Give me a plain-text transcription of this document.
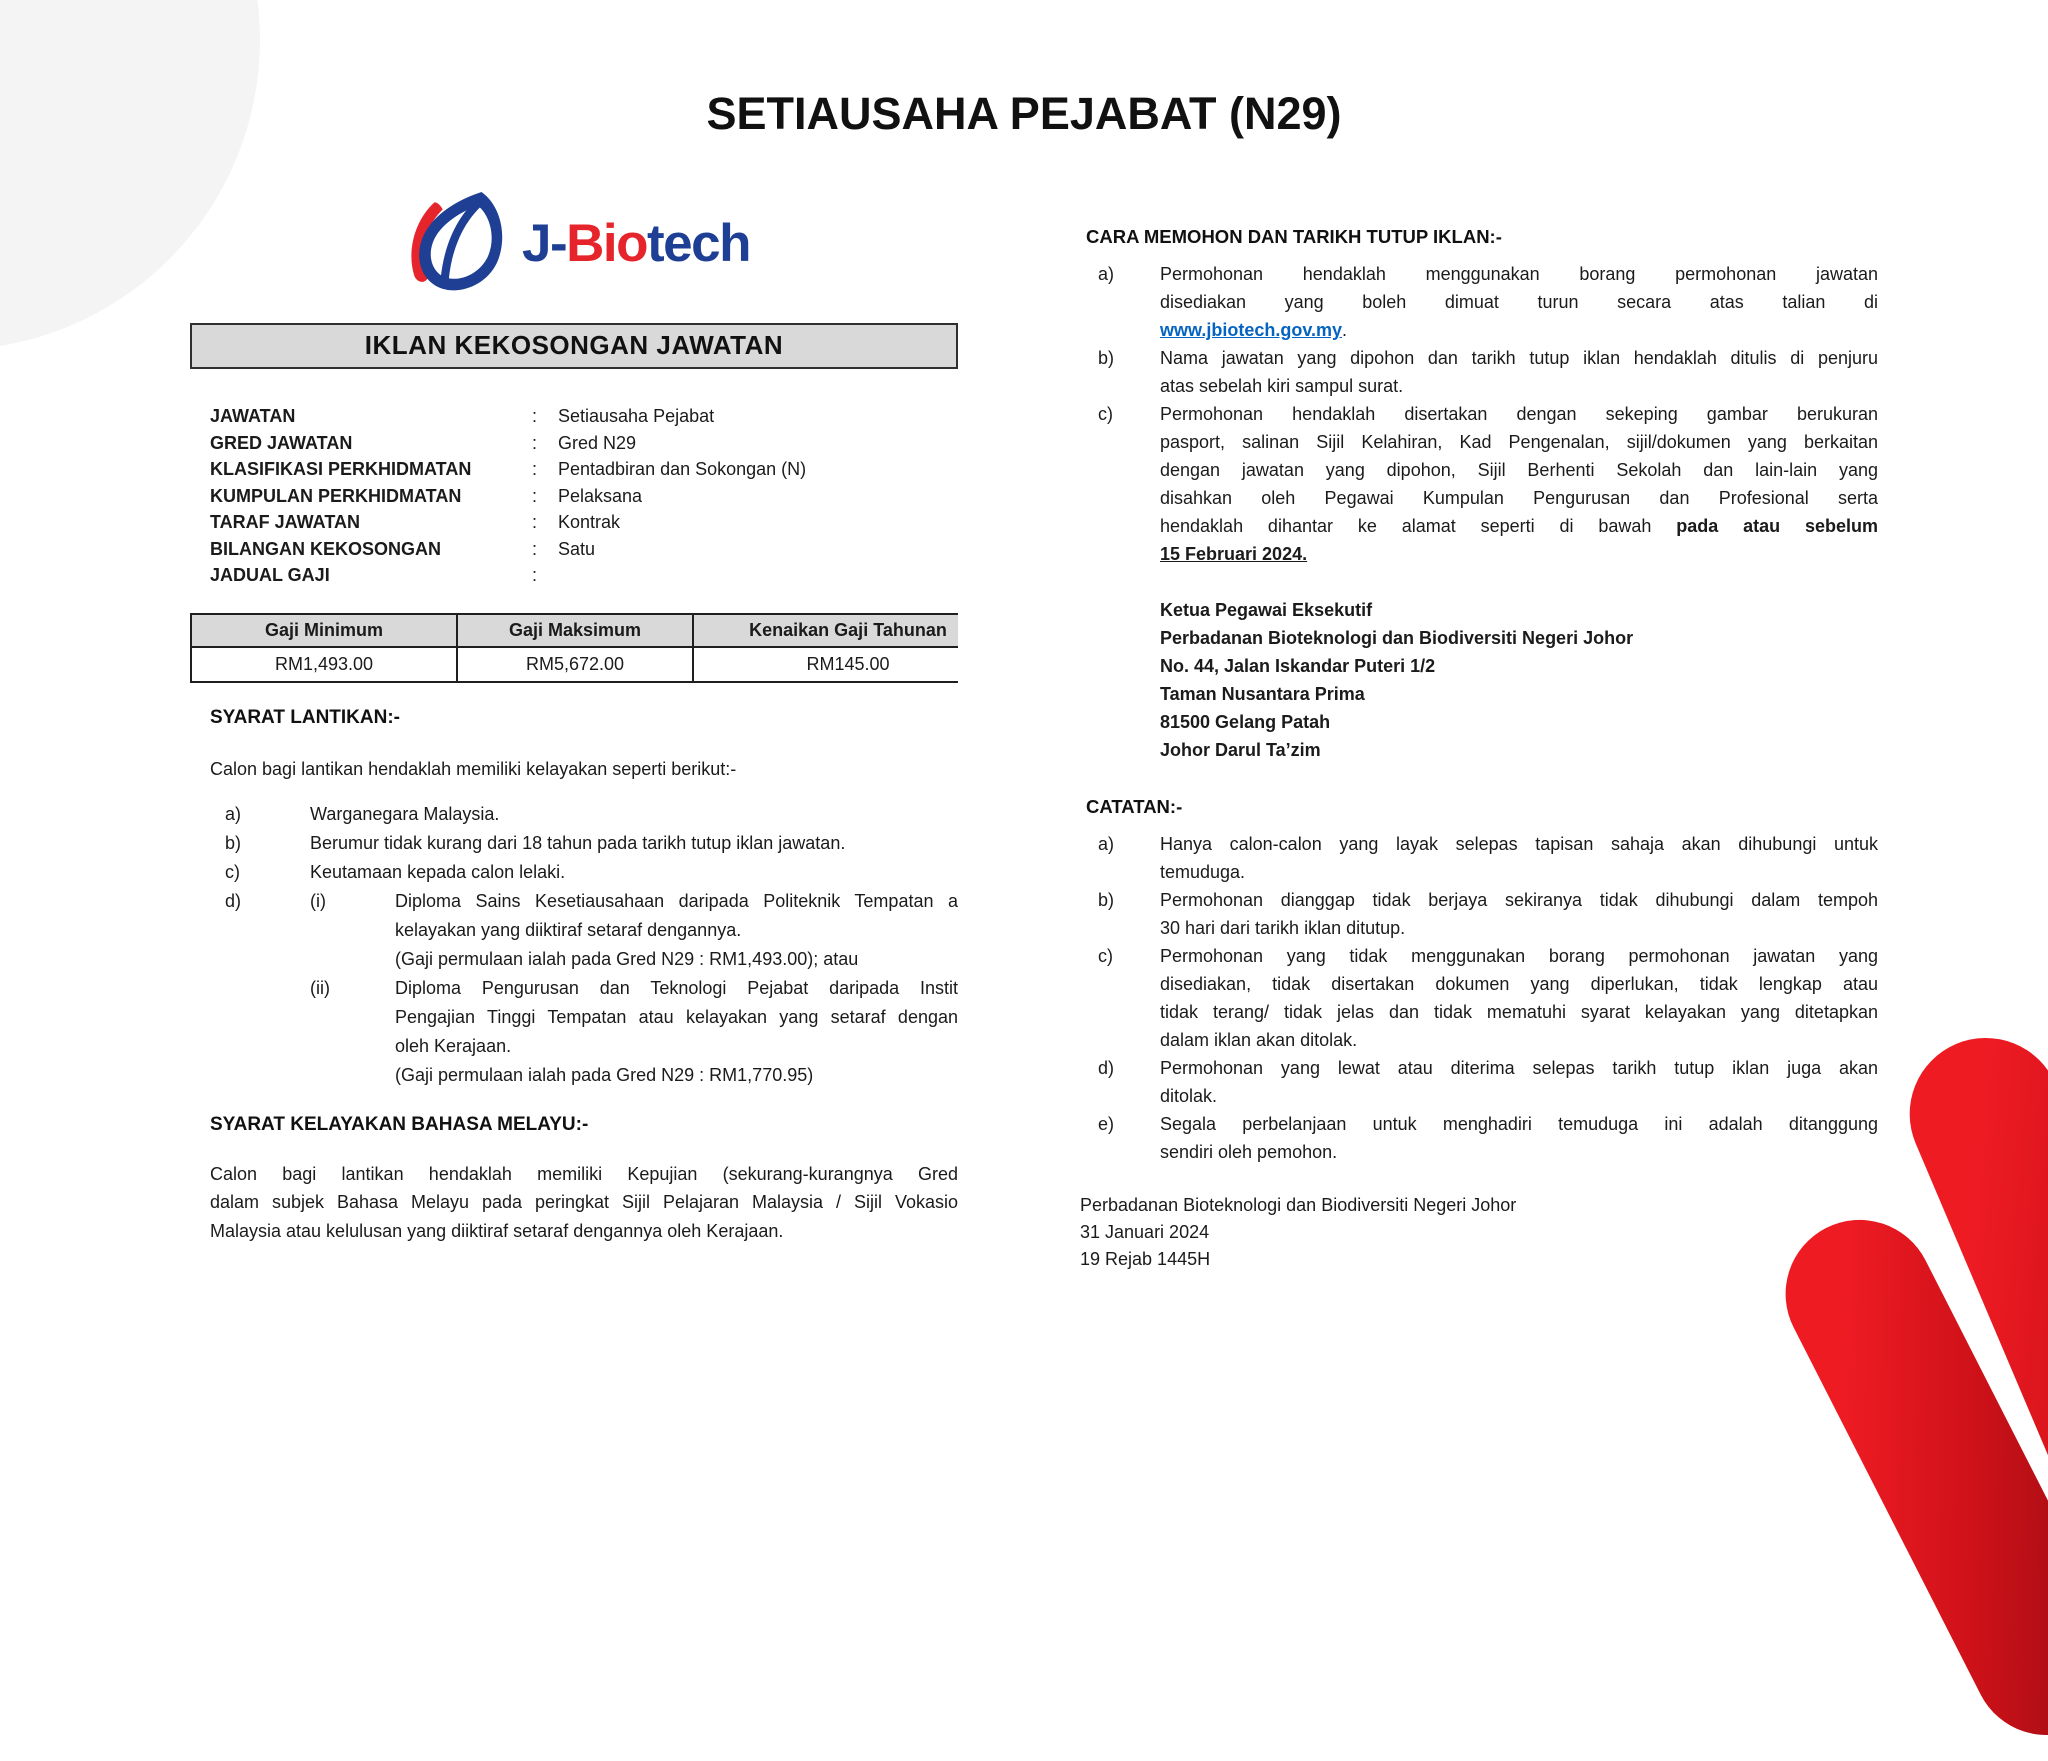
SETIAUSAHA PEJABAT (N29)
J-Biotech
IKLAN KEKOSONGAN JAWATAN
JAWATAN	:	Setiausaha Pejabat
GRED JAWATAN	:	Gred N29
KLASIFIKASI PERKHIDMATAN	:	Pentadbiran dan Sokongan (N)
KUMPULAN PERKHIDMATAN	:	Pelaksana
TARAF JAWATAN	:	Kontrak
BILANGAN KEKOSONGAN	:	Satu
JADUAL GAJI	:
Gaji Minimum	Gaji Maksimum	Kenaikan Gaji Tahunan
RM1,493.00	RM5,672.00	RM145.00
SYARAT LANTIKAN:-
Calon bagi lantikan hendaklah memiliki kelayakan seperti berikut:-
a)	Warganegara Malaysia.
b)	Berumur tidak kurang dari 18 tahun pada tarikh tutup iklan jawatan.
c)	Keutamaan kepada calon lelaki.
d)	(i)	Diploma Sains Kesetiausahaan daripada Politeknik Tempatan a
kelayakan yang diiktiraf setaraf dengannya.
(Gaji permulaan ialah pada Gred N29 : RM1,493.00); atau
(ii)	Diploma Pengurusan dan Teknologi Pejabat daripada Instit
Pengajian Tinggi Tempatan atau kelayakan yang setaraf dengan
oleh Kerajaan.
(Gaji permulaan ialah pada Gred N29 : RM1,770.95)
SYARAT KELAYAKAN BAHASA MELAYU:-
Calon bagi lantikan hendaklah memiliki Kepujian (sekurang-kurangnya Gred
dalam subjek Bahasa Melayu pada peringkat Sijil Pelajaran Malaysia / Sijil Vokasio
Malaysia atau kelulusan yang diiktiraf setaraf dengannya oleh Kerajaan.
CARA MEMOHON DAN TARIKH TUTUP IKLAN:-
a)	Permohonan hendaklah menggunakan borang permohonan jawatan
disediakan yang boleh dimuat turun secara atas talian di
www.jbiotech.gov.my.
b)	Nama jawatan yang dipohon dan tarikh tutup iklan hendaklah ditulis di penjuru
atas sebelah kiri sampul surat.
c)	Permohonan hendaklah disertakan dengan sekeping gambar berukuran
pasport, salinan Sijil Kelahiran, Kad Pengenalan, sijil/dokumen yang berkaitan
dengan jawatan yang dipohon, Sijil Berhenti Sekolah dan lain-lain yang
disahkan oleh Pegawai Kumpulan Pengurusan dan Profesional serta
hendaklah dihantar ke alamat seperti di bawah pada atau sebelum
15 Februari 2024.
Ketua Pegawai Eksekutif
Perbadanan Bioteknologi dan Biodiversiti Negeri Johor
No. 44, Jalan Iskandar Puteri 1/2
Taman Nusantara Prima
81500 Gelang Patah
Johor Darul Ta’zim
CATATAN:-
a)	Hanya calon-calon yang layak selepas tapisan sahaja akan dihubungi untuk
temuduga.
b)	Permohonan dianggap tidak berjaya sekiranya tidak dihubungi dalam tempoh
30 hari dari tarikh iklan ditutup.
c)	Permohonan yang tidak menggunakan borang permohonan jawatan yang
disediakan, tidak disertakan dokumen yang diperlukan, tidak lengkap atau
tidak terang/ tidak jelas dan tidak mematuhi syarat kelayakan yang ditetapkan
dalam iklan akan ditolak.
d)	Permohonan yang lewat atau diterima selepas tarikh tutup iklan juga akan
ditolak.
e)	Segala perbelanjaan untuk menghadiri temuduga ini adalah ditanggung
sendiri oleh pemohon.
Perbadanan Bioteknologi dan Biodiversiti Negeri Johor
31 Januari 2024
19 Rejab 1445H
